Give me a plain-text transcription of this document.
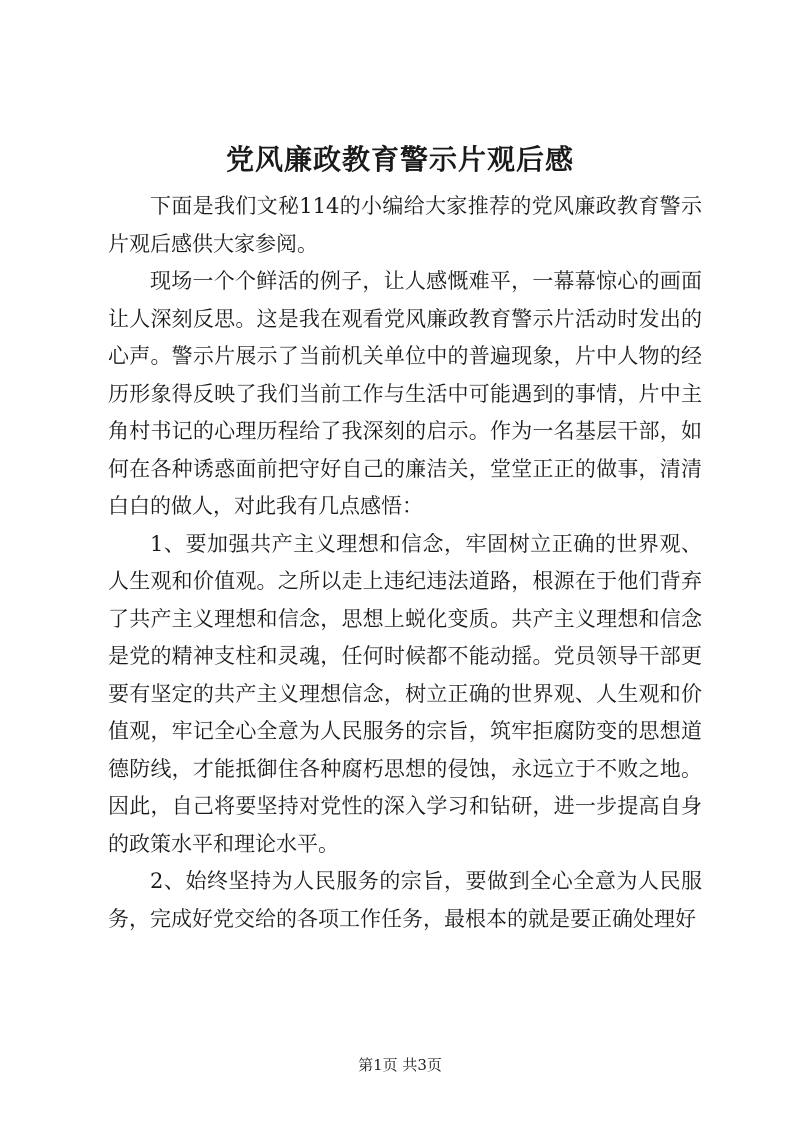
党风廉政教育警示片观后感

下面是我们文秘114的小编给大家推荐的党风廉政教育警示片观后感供大家参阅。

现场一个个鲜活的例子，让人感慨难平，一幕幕惊心的画面让人深刻反思。这是我在观看党风廉政教育警示片活动时发出的心声。警示片展示了当前机关单位中的普遍现象，片中人物的经历形象得反映了我们当前工作与生活中可能遇到的事情，片中主角村书记的心理历程给了我深刻的启示。作为一名基层干部，如何在各种诱惑面前把守好自己的廉洁关，堂堂正正的做事，清清白白的做人，对此我有几点感悟：

1、要加强共产主义理想和信念，牢固树立正确的世界观、人生观和价值观。之所以走上违纪违法道路，根源在于他们背弃了共产主义理想和信念，思想上蜕化变质。共产主义理想和信念是党的精神支柱和灵魂，任何时候都不能动摇。党员领导干部更要有坚定的共产主义理想信念，树立正确的世界观、人生观和价值观，牢记全心全意为人民服务的宗旨，筑牢拒腐防变的思想道德防线，才能抵御住各种腐朽思想的侵蚀，永远立于不败之地。因此，自己将要坚持对党性的深入学习和钻研，进一步提高自身的政策水平和理论水平。

2、始终坚持为人民服务的宗旨，要做到全心全意为人民服务，完成好党交给的各项工作任务，最根本的就是要正确处理好

第1页 共3页
